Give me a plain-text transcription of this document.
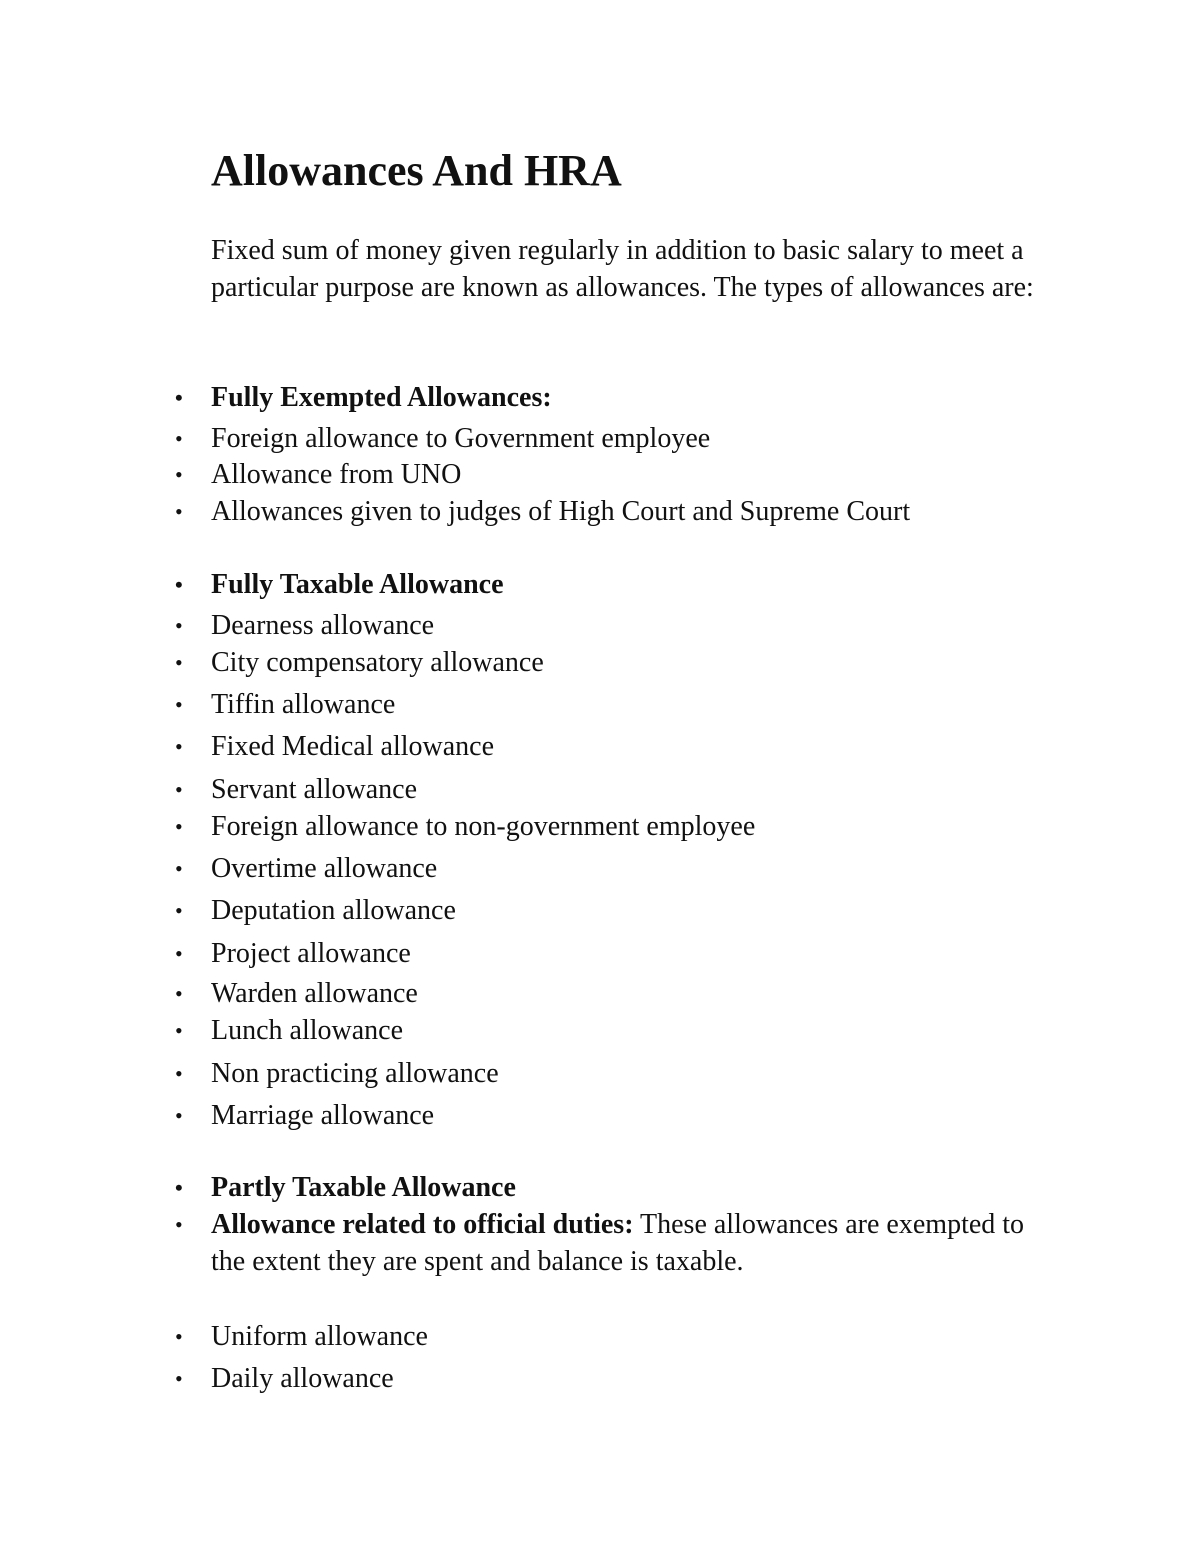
Allowances And HRA

Fixed sum of money given regularly in addition to basic salary to meet a particular purpose are known as allowances. The types of allowances are:

• Fully Exempted Allowances:
• Foreign allowance to Government employee
• Allowance from UNO
• Allowances given to judges of High Court and Supreme Court
• Fully Taxable Allowance
• Dearness allowance
• City compensatory allowance
• Tiffin allowance
• Fixed Medical allowance
• Servant allowance
• Foreign allowance to non-government employee
• Overtime allowance
• Deputation allowance
• Project allowance
• Warden allowance
• Lunch allowance
• Non practicing allowance
• Marriage allowance
• Partly Taxable Allowance
• Allowance related to official duties: These allowances are exempted to the extent they are spent and balance is taxable.
• Uniform allowance
• Daily allowance
